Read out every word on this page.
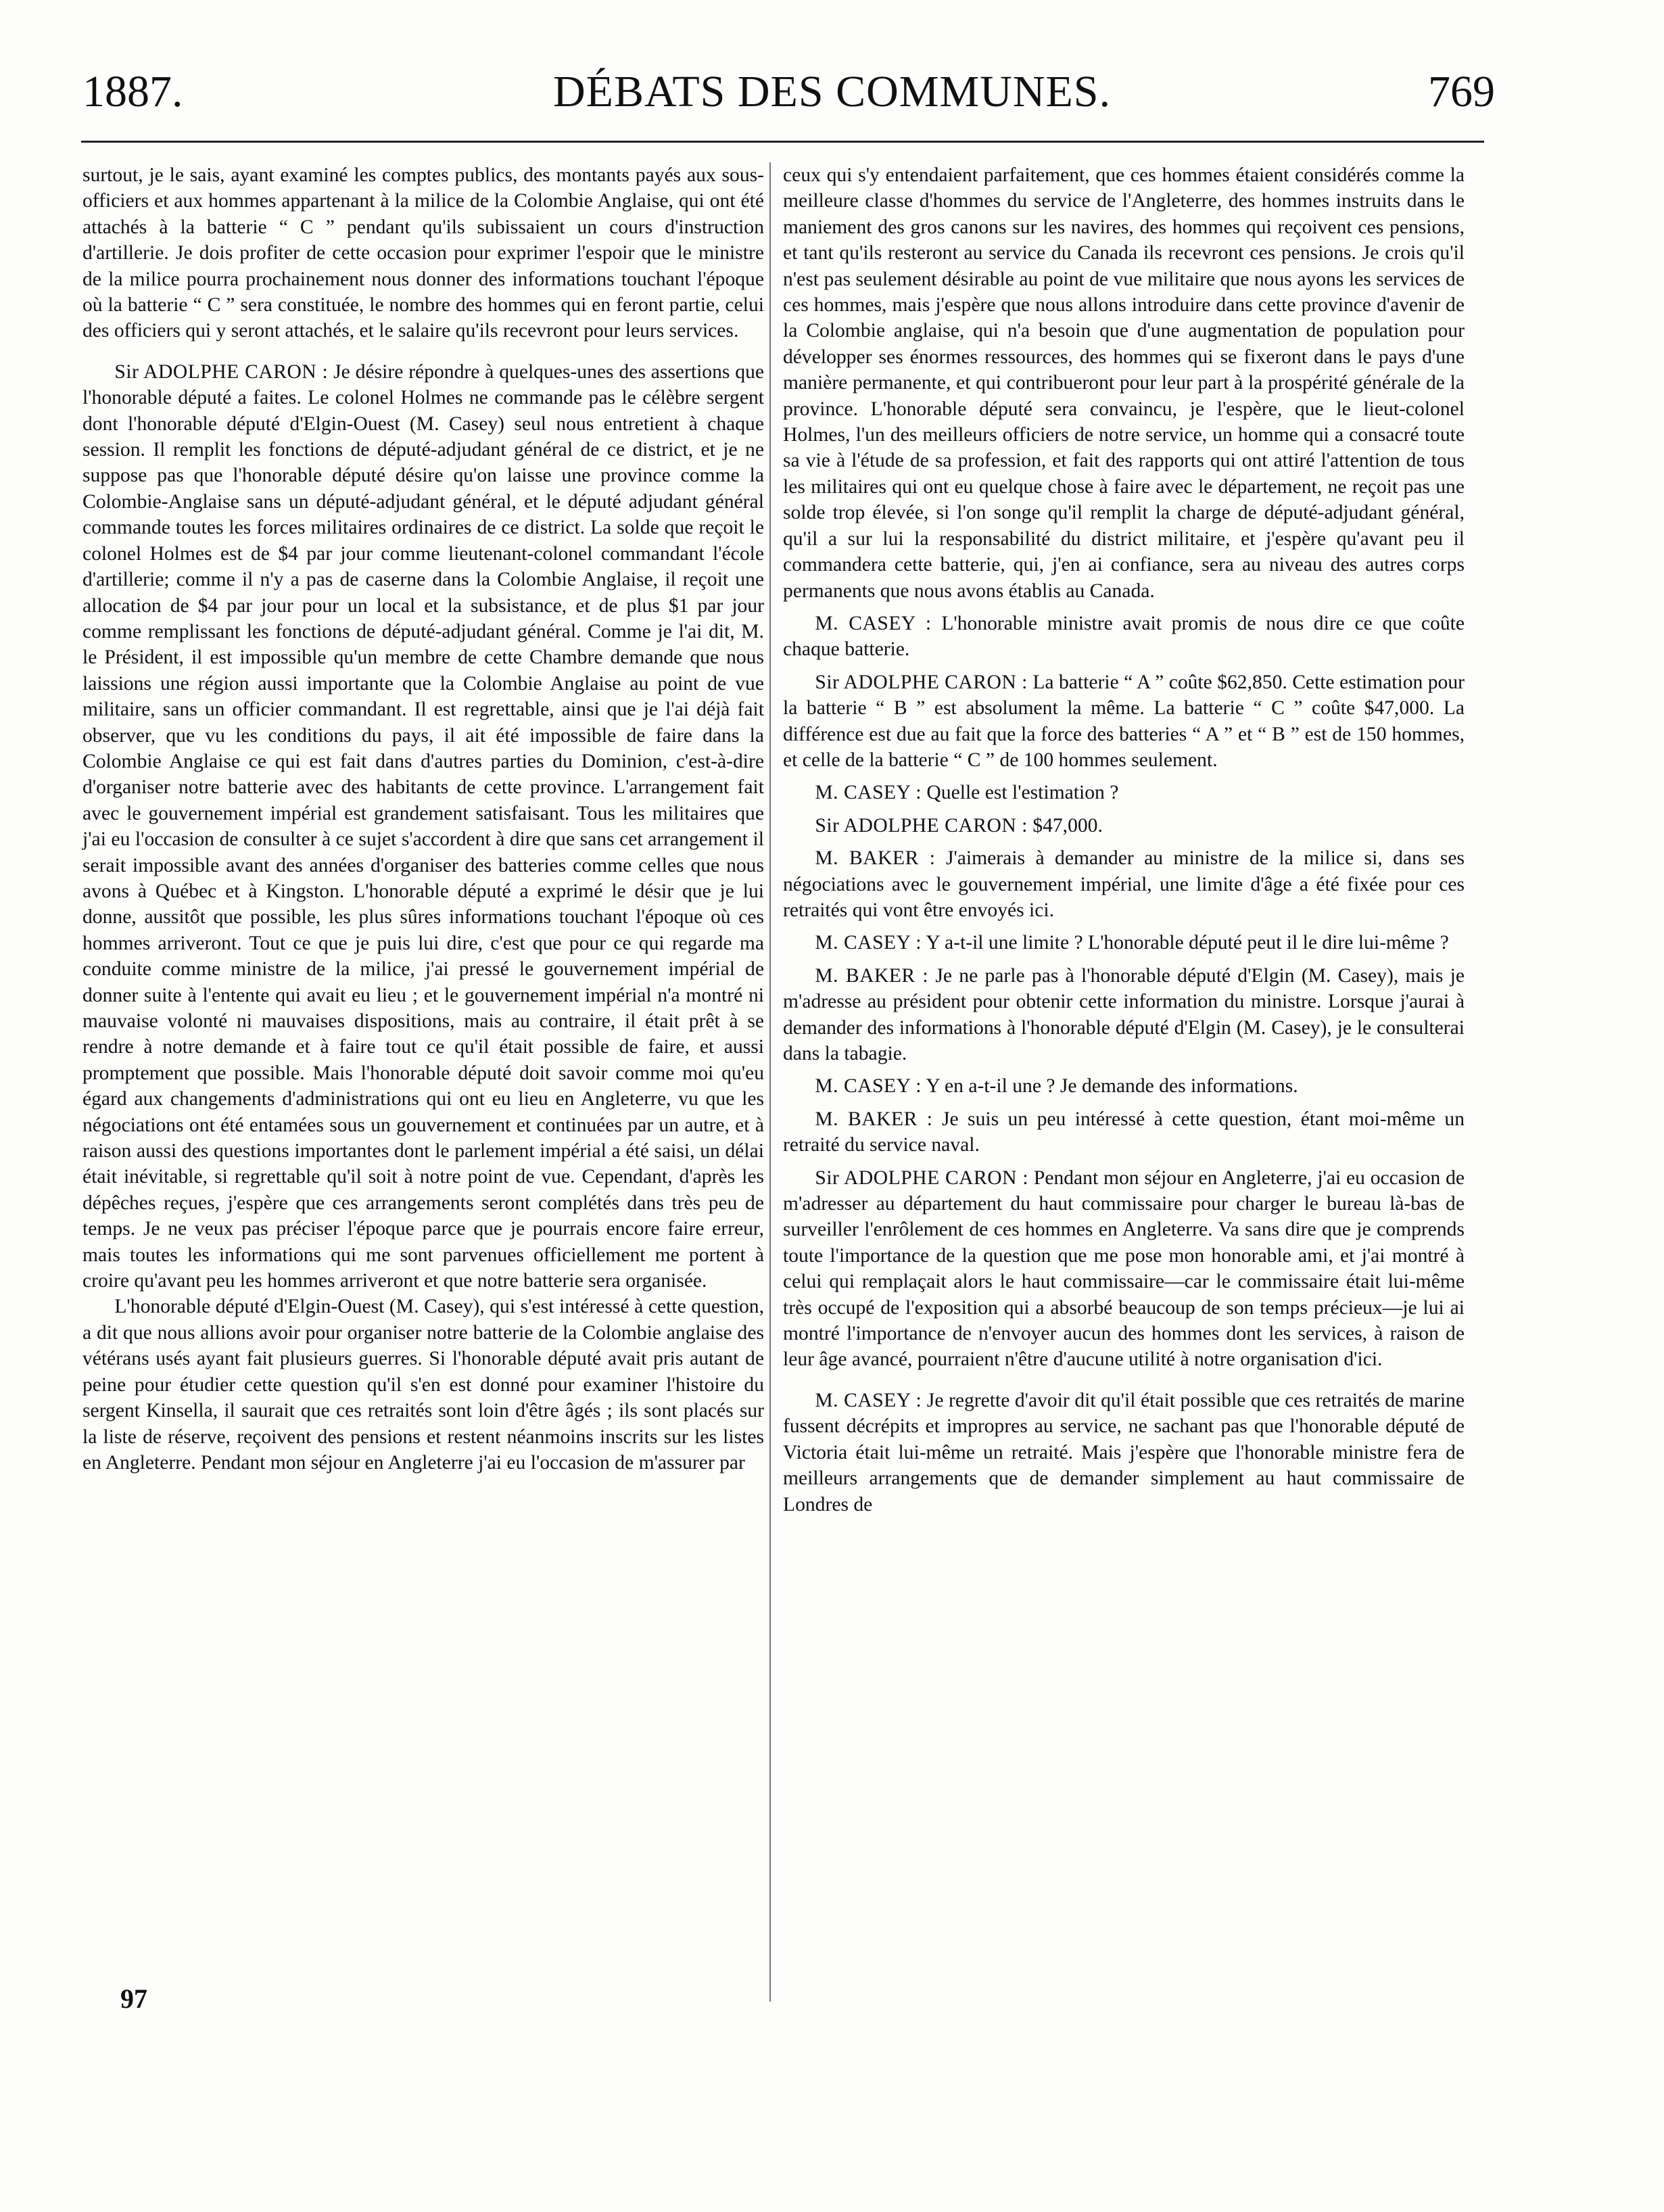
DÉBATS DES COMMUNES.
1887.	769

surtout, je le sais, ayant examiné les comptes publics, des montants payés aux sous-officiers et aux hommes appartenant à la milice de la Colombie Anglaise, qui ont été attachés à la batterie “ C ” pendant qu'ils subissaient un cours d'instruction d'artillerie. Je dois profiter de cette occasion pour exprimer l'espoir que le ministre de la milice pourra prochainement nous donner des informations touchant l'époque où la batterie “ C ” sera constituée, le nombre des hommes qui en feront partie, celui des officiers qui y seront attachés, et le salaire qu'ils recevront pour leurs services.

Sir ADOLPHE CARON : Je désire répondre à quelques-unes des assertions que l'honorable député a faites. Le colonel Holmes ne commande pas le célèbre sergent dont l'honorable député d'Elgin-Ouest (M. Casey) seul nous entretient à chaque session. Il remplit les fonctions de député-adjudant général de ce district, et je ne suppose pas que l'honorable député désire qu'on laisse une province comme la Colombie-Anglaise sans un député-adjudant général, et le député adjudant général commande toutes les forces militaires ordinaires de ce district. La solde que reçoit le colonel Holmes est de $4 par jour comme lieutenant-colonel commandant l'école d'artillerie; comme il n'y a pas de caserne dans la Colombie Anglaise, il reçoit une allocation de $4 par jour pour un local et la subsistance, et de plus $1 par jour comme remplissant les fonctions de député-adjudant général. Comme je l'ai dit, M. le Président, il est impossible qu'un membre de cette Chambre demande que nous laissions une région aussi importante que la Colombie Anglaise au point de vue militaire, sans un officier commandant. Il est regrettable, ainsi que je l'ai déjà fait observer, que vu les conditions du pays, il ait été impossible de faire dans la Colombie Anglaise ce qui est fait dans d'autres parties du Dominion, c'est-à-dire d'organiser notre batterie avec des habitants de cette province. L'arrangement fait avec le gouvernement impérial est grandement satisfaisant. Tous les militaires que j'ai eu l'occasion de consulter à ce sujet s'accordent à dire que sans cet arrangement il serait impossible avant des années d'organiser des batteries comme celles que nous avons à Québec et à Kingston. L'honorable député a exprimé le désir que je lui donne, aussitôt que possible, les plus sûres informations touchant l'époque où ces hommes arriveront. Tout ce que je puis lui dire, c'est que pour ce qui regarde ma conduite comme ministre de la milice, j'ai pressé le gouvernement impérial de donner suite à l'entente qui avait eu lieu ; et le gouvernement impérial n'a montré ni mauvaise volonté ni mauvaises dispositions, mais au contraire, il était prêt à se rendre à notre demande et à faire tout ce qu'il était possible de faire, et aussi promptement que possible. Mais l'honorable député doit savoir comme moi qu'eu égard aux changements d'administrations qui ont eu lieu en Angleterre, vu que les négociations ont été entamées sous un gouvernement et continuées par un autre, et à raison aussi des questions importantes dont le parlement impérial a été saisi, un délai était inévitable, si regrettable qu'il soit à notre point de vue. Cependant, d'après les dépêches reçues, j'espère que ces arrangements seront complétés dans très peu de temps. Je ne veux pas préciser l'époque parce que je pourrais encore faire erreur, mais toutes les informations qui me sont parvenues officiellement me portent à croire qu'avant peu les hommes arriveront et que notre batterie sera organisée.

L'honorable député d'Elgin-Ouest (M. Casey), qui s'est intéressé à cette question, a dit que nous allions avoir pour organiser notre batterie de la Colombie anglaise des vétérans usés ayant fait plusieurs guerres. Si l'honorable député avait pris autant de peine pour étudier cette question qu'il s'en est donné pour examiner l'histoire du sergent Kinsella, il saurait que ces retraités sont loin d'être âgés ; ils sont placés sur la liste de réserve, reçoivent des pensions et restent néanmoins inscrits sur les listes en Angleterre. Pendant mon séjour en Angleterre j'ai eu l'occasion de m'assurer par

ceux qui s'y entendaient parfaitement, que ces hommes étaient considérés comme la meilleure classe d'hommes du service de l'Angleterre, des hommes instruits dans le maniement des gros canons sur les navires, des hommes qui reçoivent ces pensions, et tant qu'ils resteront au service du Canada ils recevront ces pensions. Je crois qu'il n'est pas seulement désirable au point de vue militaire que nous ayons les services de ces hommes, mais j'espère que nous allons introduire dans cette province d'avenir de la Colombie anglaise, qui n'a besoin que d'une augmentation de population pour développer ses énormes ressources, des hommes qui se fixeront dans le pays d'une manière permanente, et qui contribueront pour leur part à la prospérité générale de la province. L'honorable député sera convaincu, je l'espère, que le lieut-colonel Holmes, l'un des meilleurs officiers de notre service, un homme qui a consacré toute sa vie à l'étude de sa profession, et fait des rapports qui ont attiré l'attention de tous les militaires qui ont eu quelque chose à faire avec le département, ne reçoit pas une solde trop élevée, si l'on songe qu'il remplit la charge de député-adjudant général, qu'il a sur lui la responsabilité du district militaire, et j'espère qu'avant peu il commandera cette batterie, qui, j'en ai confiance, sera au niveau des autres corps permanents que nous avons établis au Canada.

M. CASEY : L'honorable ministre avait promis de nous dire ce que coûte chaque batterie.

Sir ADOLPHE CARON : La batterie “ A ” coûte $62,850. Cette estimation pour la batterie “ B ” est absolument la même. La batterie “ C ” coûte $47,000. La différence est due au fait que la force des batteries “ A ” et “ B ” est de 150 hommes, et celle de la batterie “ C ” de 100 hommes seulement.

M. CASEY : Quelle est l'estimation ?

Sir ADOLPHE CARON : $47,000.

M. BAKER : J'aimerais à demander au ministre de la milice si, dans ses négociations avec le gouvernement impérial, une limite d'âge a été fixée pour ces retraités qui vont être envoyés ici.

M. CASEY : Y a-t-il une limite ? L'honorable député peut il le dire lui-même ?

M. BAKER : Je ne parle pas à l'honorable député d'Elgin (M. Casey), mais je m'adresse au président pour obtenir cette information du ministre. Lorsque j'aurai à demander des informations à l'honorable député d'Elgin (M. Casey), je le consulterai dans la tabagie.

M. CASEY : Y en a-t-il une ? Je demande des informations.

M. BAKER : Je suis un peu intéressé à cette question, étant moi-même un retraité du service naval.

Sir ADOLPHE CARON : Pendant mon séjour en Angleterre, j'ai eu occasion de m'adresser au département du haut commissaire pour charger le bureau là-bas de surveiller l'enrôlement de ces hommes en Angleterre. Va sans dire que je comprends toute l'importance de la question que me pose mon honorable ami, et j'ai montré à celui qui remplaçait alors le haut commissaire—car le commissaire était lui-même très occupé de l'exposition qui a absorbé beaucoup de son temps précieux—je lui ai montré l'importance de n'envoyer aucun des hommes dont les services, à raison de leur âge avancé, pourraient n'être d'aucune utilité à notre organisation d'ici.

M. CASEY : Je regrette d'avoir dit qu'il était possible que ces retraités de marine fussent décrépits et impropres au service, ne sachant pas que l'honorable député de Victoria était lui-même un retraité. Mais j'espère que l'honorable ministre fera de meilleurs arrangements que de demander simplement au haut commissaire de Londres de

97
